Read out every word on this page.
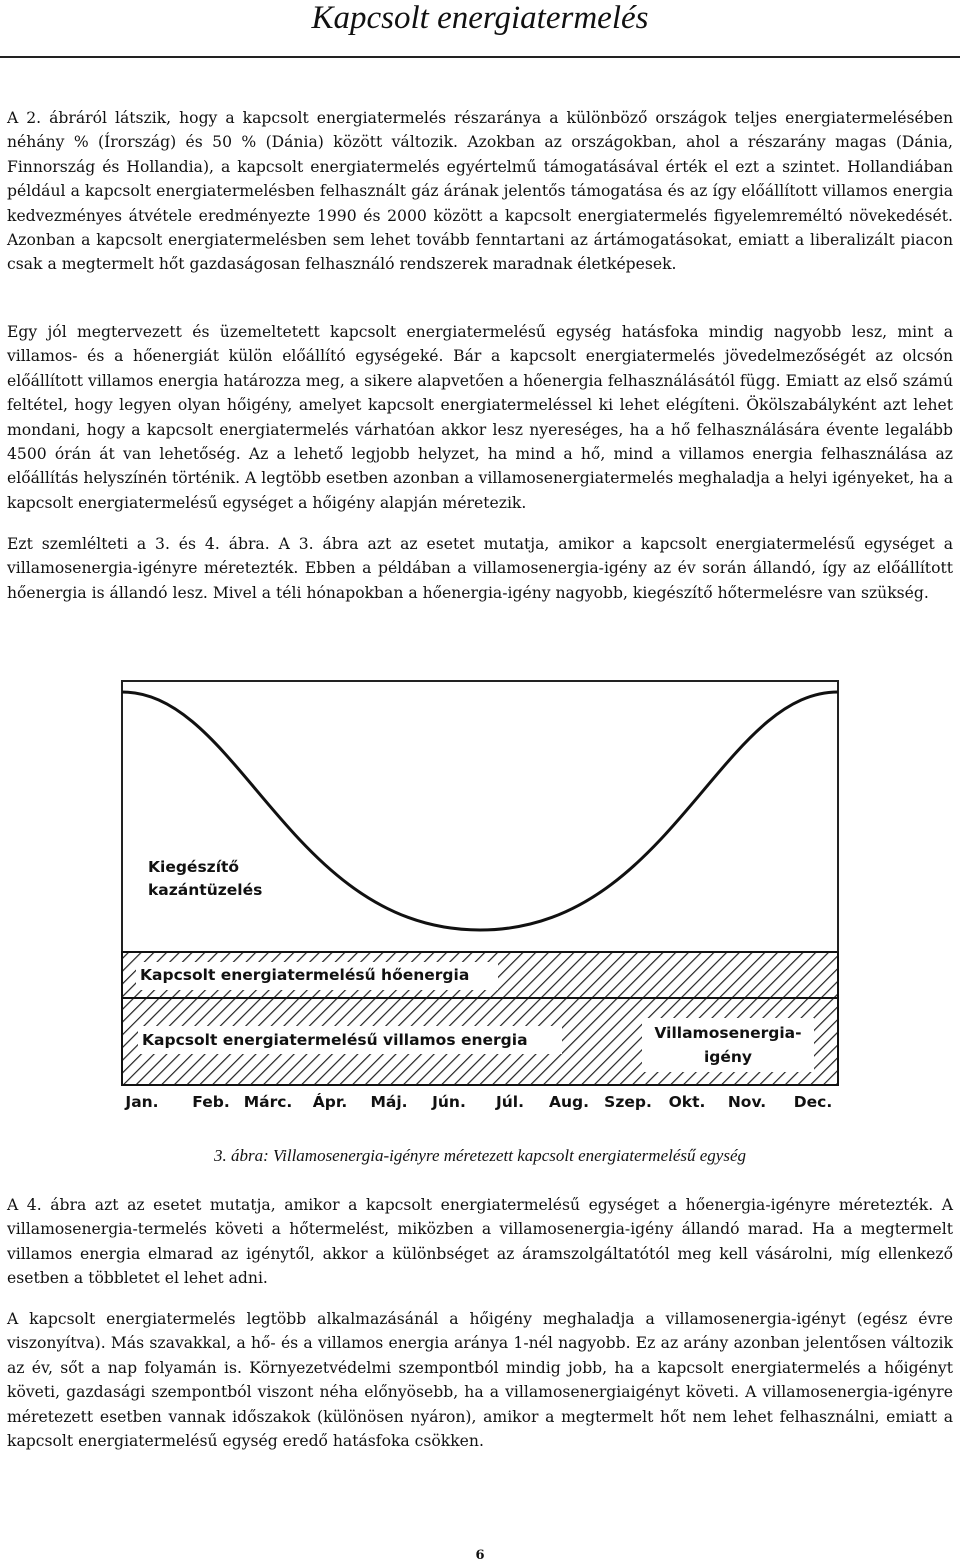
Kapcsolt energiatermelés

A 2. ábráról látszik, hogy a kapcsolt energiatermelés részaránya a különböző országok teljes energiatermelésében néhány % (Írország) és 50 % (Dánia) között változik. Azokban az országokban, ahol a részarány magas (Dánia, Finnország és Hollandia), a kapcsolt energiatermelés egyértelmű támogatásával érték el ezt a szintet. Hollandiában például a kapcsolt energiatermelésben felhasznált gáz árának jelentős támogatása és az így előállított villamos energia kedvezményes átvétele eredményezte 1990 és 2000 között a kapcsolt energiatermelés figyelemreméltó növekedését. Azonban a kapcsolt energiatermelésben sem lehet tovább fenntartani az ártámogatásokat, emiatt a liberalizált piacon csak a megtermelt hőt gazdaságosan felhasználó rendszerek maradnak életképesek.

Egy jól megtervezett és üzemeltetett kapcsolt energiatermelésű egység hatásfoka mindig nagyobb lesz, mint a villamos- és a hőenergiát külön előállító egységeké. Bár a kapcsolt energiatermelés jövedelmezőségét az olcsón előállított villamos energia határozza meg, a sikere alapvetően a hőenergia felhasználásától függ. Emiatt az első számú feltétel, hogy legyen olyan hőigény, amelyet kapcsolt energiatermeléssel ki lehet elégíteni. Ökölszabályként azt lehet mondani, hogy a kapcsolt energiatermelés várhatóan akkor lesz nyereséges, ha a hő felhasználására évente legalább 4500 órán át van lehetőség. Az a lehető legjobb helyzet, ha mind a hő, mind a villamos energia felhasználása az előállítás helyszínén történik. A legtöbb esetben azonban a villamosenergiatermelés meghaladja a helyi igényeket, ha a kapcsolt energiatermelésű egységet a hőigény alapján méretezik.

Ezt szemlélteti a 3. és 4. ábra. A 3. ábra azt az esetet mutatja, amikor a kapcsolt energiatermelésű egységet a villamosenergia-igényre méretezték. Ebben a példában a villamosenergia-igény az év során állandó, így az előállított hőenergia is állandó lesz. Mivel a téli hónapokban a hőenergia-igény nagyobb, kiegészítő hőtermelésre van szükség.

Kiegészítő
kazántüzelés
Kapcsolt energiatermelésű hőenergia
Kapcsolt energiatermelésű villamos energia	Villamosenergia-
igény
Jan. Feb. Márc. Ápr. Máj. Jún. Júl. Aug. Szep. Okt. Nov. Dec.
3. ábra: Villamosenergia-igényre méretezett kapcsolt energiatermelésű egység

A 4. ábra azt az esetet mutatja, amikor a kapcsolt energiatermelésű egységet a hőenergia-igényre méretezték. A villamosenergia-termelés követi a hőtermelést, miközben a villamosenergia-igény állandó marad. Ha a megtermelt villamos energia elmarad az igénytől, akkor a különbséget az áramszolgáltatótól meg kell vásárolni, míg ellenkező esetben a többletet el lehet adni.

A kapcsolt energiatermelés legtöbb alkalmazásánál a hőigény meghaladja a villamosenergia-igényt (egész évre viszonyítva). Más szavakkal, a hő- és a villamos energia aránya 1-nél nagyobb. Ez az arány azonban jelentősen változik az év, sőt a nap folyamán is. Környezetvédelmi szempontból mindig jobb, ha a kapcsolt energiatermelés a hőigényt követi, gazdasági szempontból viszont néha előnyösebb, ha a villamosenergiaigényt követi. A villamosenergia-igényre méretezett esetben vannak időszakok (különösen nyáron), amikor a megtermelt hőt nem lehet felhasználni, emiatt a kapcsolt energiatermelésű egység eredő hatásfoka csökken.

6
